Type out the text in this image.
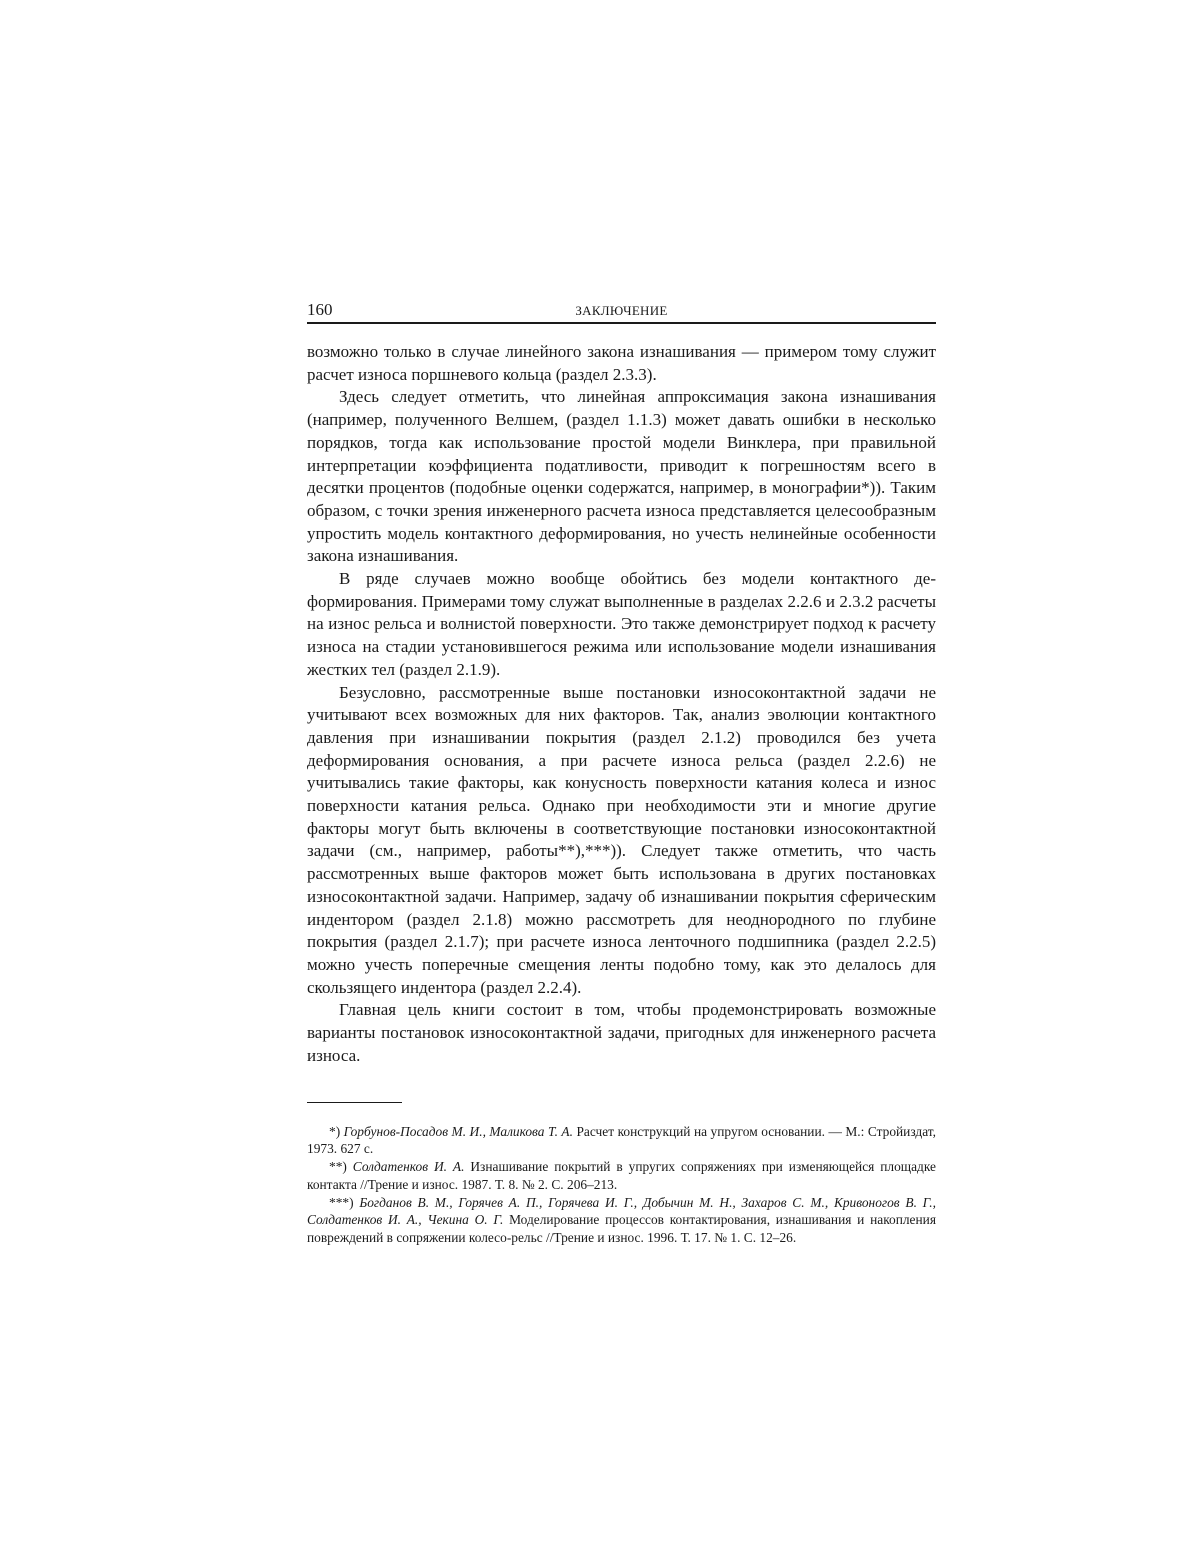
160	ЗАКЛЮЧЕНИЕ

возможно только в случае линейного закона изнашивания — примером тому служит расчет износа поршневого кольца (раздел 2.3.3).

Здесь следует отметить, что линейная аппроксимация закона изнашивания (например, полученного Велшем, (раздел 1.1.3) может давать ошибки в несколько порядков, тогда как использование простой модели Винклера, при правильной интерпретации коэффициента податливости, приводит к погрешностям всего в десятки процентов (подобные оценки содержатся, например, в монографии*)). Таким образом, с точки зрения инженерного расчета износа представляется целесообразным упростить модель контактного деформирования, но учесть нелинейные особенности закона изнашивания.

В ряде случаев можно вообще обойтись без модели контактного деформирования. Примерами тому служат выполненные в разделах 2.2.6 и 2.3.2 расчеты на износ рельса и волнистой поверхности. Это также демонстрирует подход к расчету износа на стадии установившегося режима или использование модели изнашивания жестких тел (раздел 2.1.9).

Безусловно, рассмотренные выше постановки износоконтактной задачи не учитывают всех возможных для них факторов. Так, анализ эволюции контактного давления при изнашивании покрытия (раздел 2.1.2) проводился без учета деформирования основания, а при расчете износа рельса (раздел 2.2.6) не учитывались такие факторы, как конусность поверхности катания колеса и износ поверхности катания рельса. Однако при необходимости эти и многие другие факторы могут быть включены в соответствующие постановки износоконтактной задачи (см., например, работы**),***)). Следует также отметить, что часть рассмотренных выше факторов может быть использована в других постановках износоконтактной задачи. Например, задачу об изнашивании покрытия сферическим индентором (раздел 2.1.8) можно рассмотреть для неоднородного по глубине покрытия (раздел 2.1.7); при расчете износа ленточного подшипника (раздел 2.2.5) можно учесть поперечные смещения ленты подобно тому, как это делалось для скользящего индентора (раздел 2.2.4).

Главная цель книги состоит в том, чтобы продемонстрировать возможные варианты постановок износоконтактной задачи, пригодных для инженерного расчета износа.

*) Горбунов-Посадов М. И., Маликова Т. А. Расчет конструкций на упругом основании. — М.: Стройиздат, 1973. 627 с.

**) Солдатенков И. А. Изнашивание покрытий в упругих сопряжениях при изменяющейся площадке контакта //Трение и износ. 1987. Т. 8. № 2. С. 206–213.

***) Богданов В. М., Горячев А. П., Горячева И. Г., Добычин М. Н., Захаров С. М., Кривоногов В. Г., Солдатенков И. А., Чекина О. Г. Моделирование процессов контактирования, изнашивания и накопления повреждений в сопряжении колесо-рельс //Трение и износ. 1996. Т. 17. № 1. С. 12–26.
